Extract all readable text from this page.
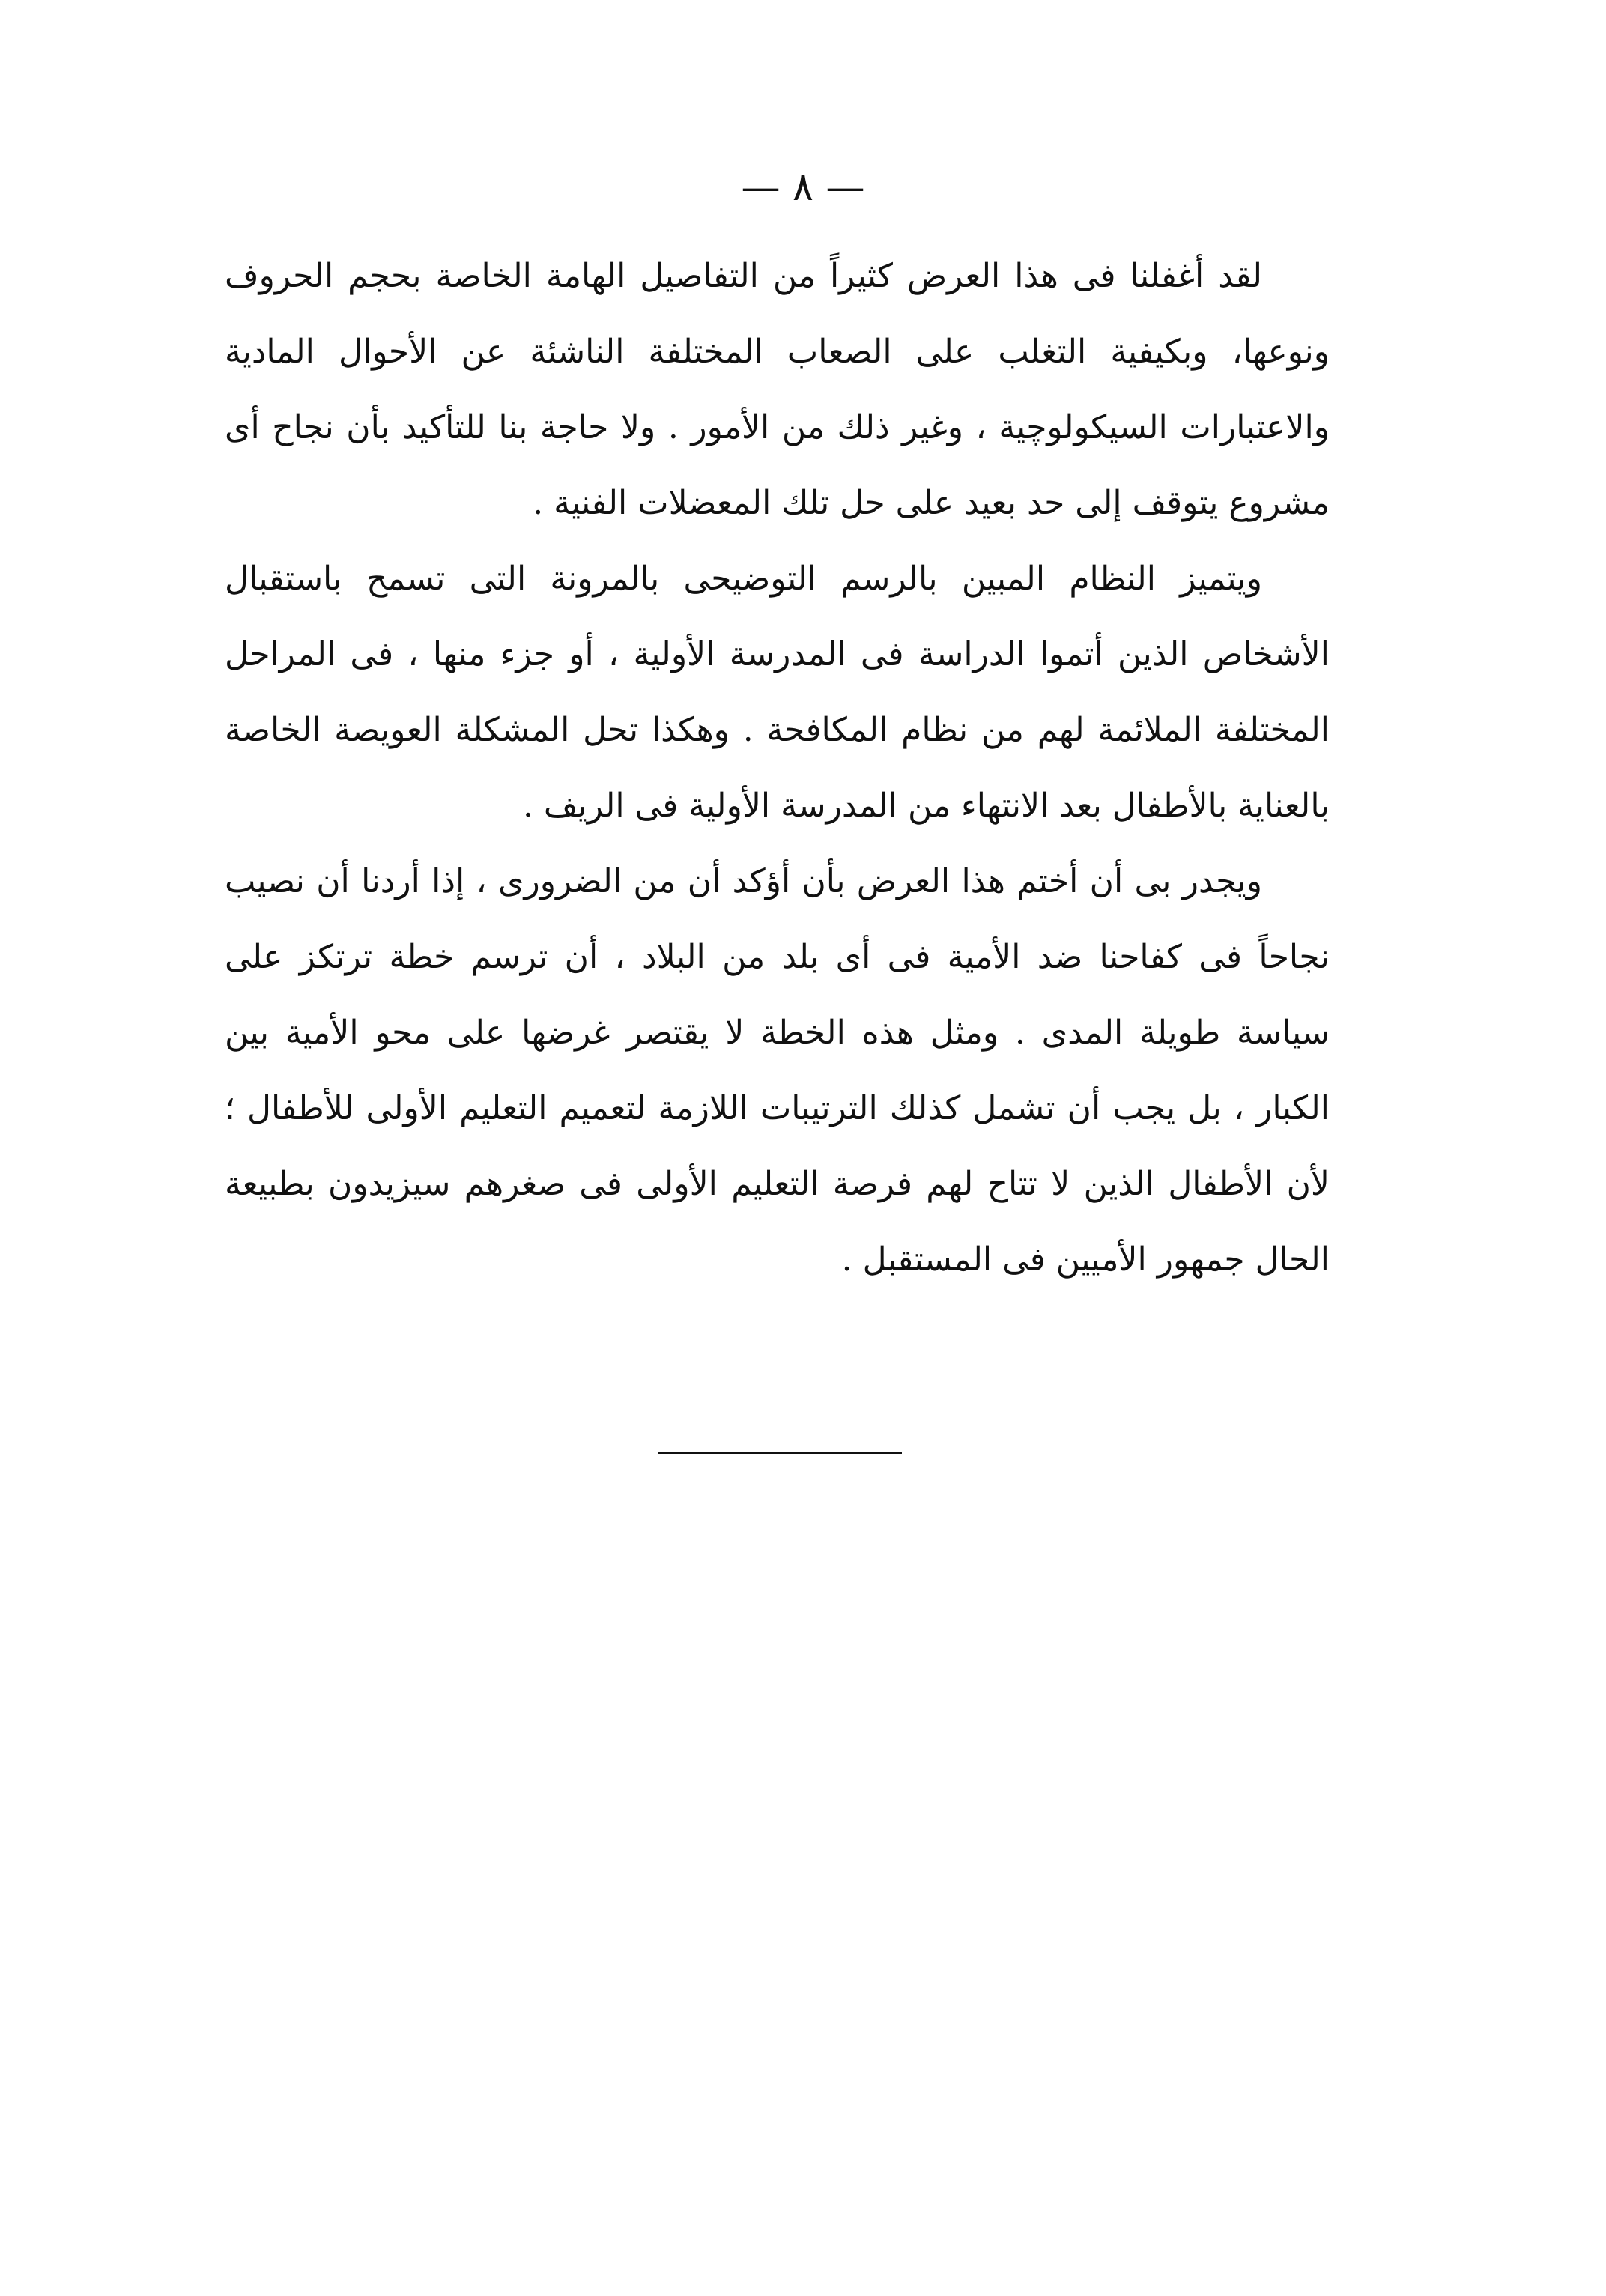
— ٨ —

لقد أغفلنا فى هذا العرض كثيراً من التفاصيل الهامة الخاصة بحجم الحروف ونوعها، وبكيفية التغلب على الصعاب المختلفة الناشئة عن الأحوال المادية والاعتبارات السيكولوچية ، وغير ذلك من الأمور . ولا حاجة بنا للتأكيد بأن نجاح أى مشروع يتوقف إلى حد بعيد على حل تلك المعضلات الفنية .

ويتميز النظام المبين بالرسم التوضيحى بالمرونة التى تسمح باستقبال الأشخاص الذين أتموا الدراسة فى المدرسة الأولية ، أو جزء منها ، فى المراحل المختلفة الملائمة لهم من نظام المكافحة . وهكذا تحل المشكلة العويصة الخاصة بالعناية بالأطفال بعد الانتهاء من المدرسة الأولية فى الريف .

ويجدر بى أن أختم هذا العرض بأن أؤكد أن من الضرورى ، إذا أردنا أن نصيب نجاحاً فى كفاحنا ضد الأمية فى أى بلد من البلاد ، أن ترسم خطة ترتكز على سياسة طويلة المدى . ومثل هذه الخطة لا يقتصر غرضها على محو الأمية بين الكبار ، بل يجب أن تشمل كذلك الترتيبات اللازمة لتعميم التعليم الأولى للأطفال ؛ لأن الأطفال الذين لا تتاح لهم فرصة التعليم الأولى فى صغرهم سيزيدون بطبيعة الحال جمهور الأميين فى المستقبل .
